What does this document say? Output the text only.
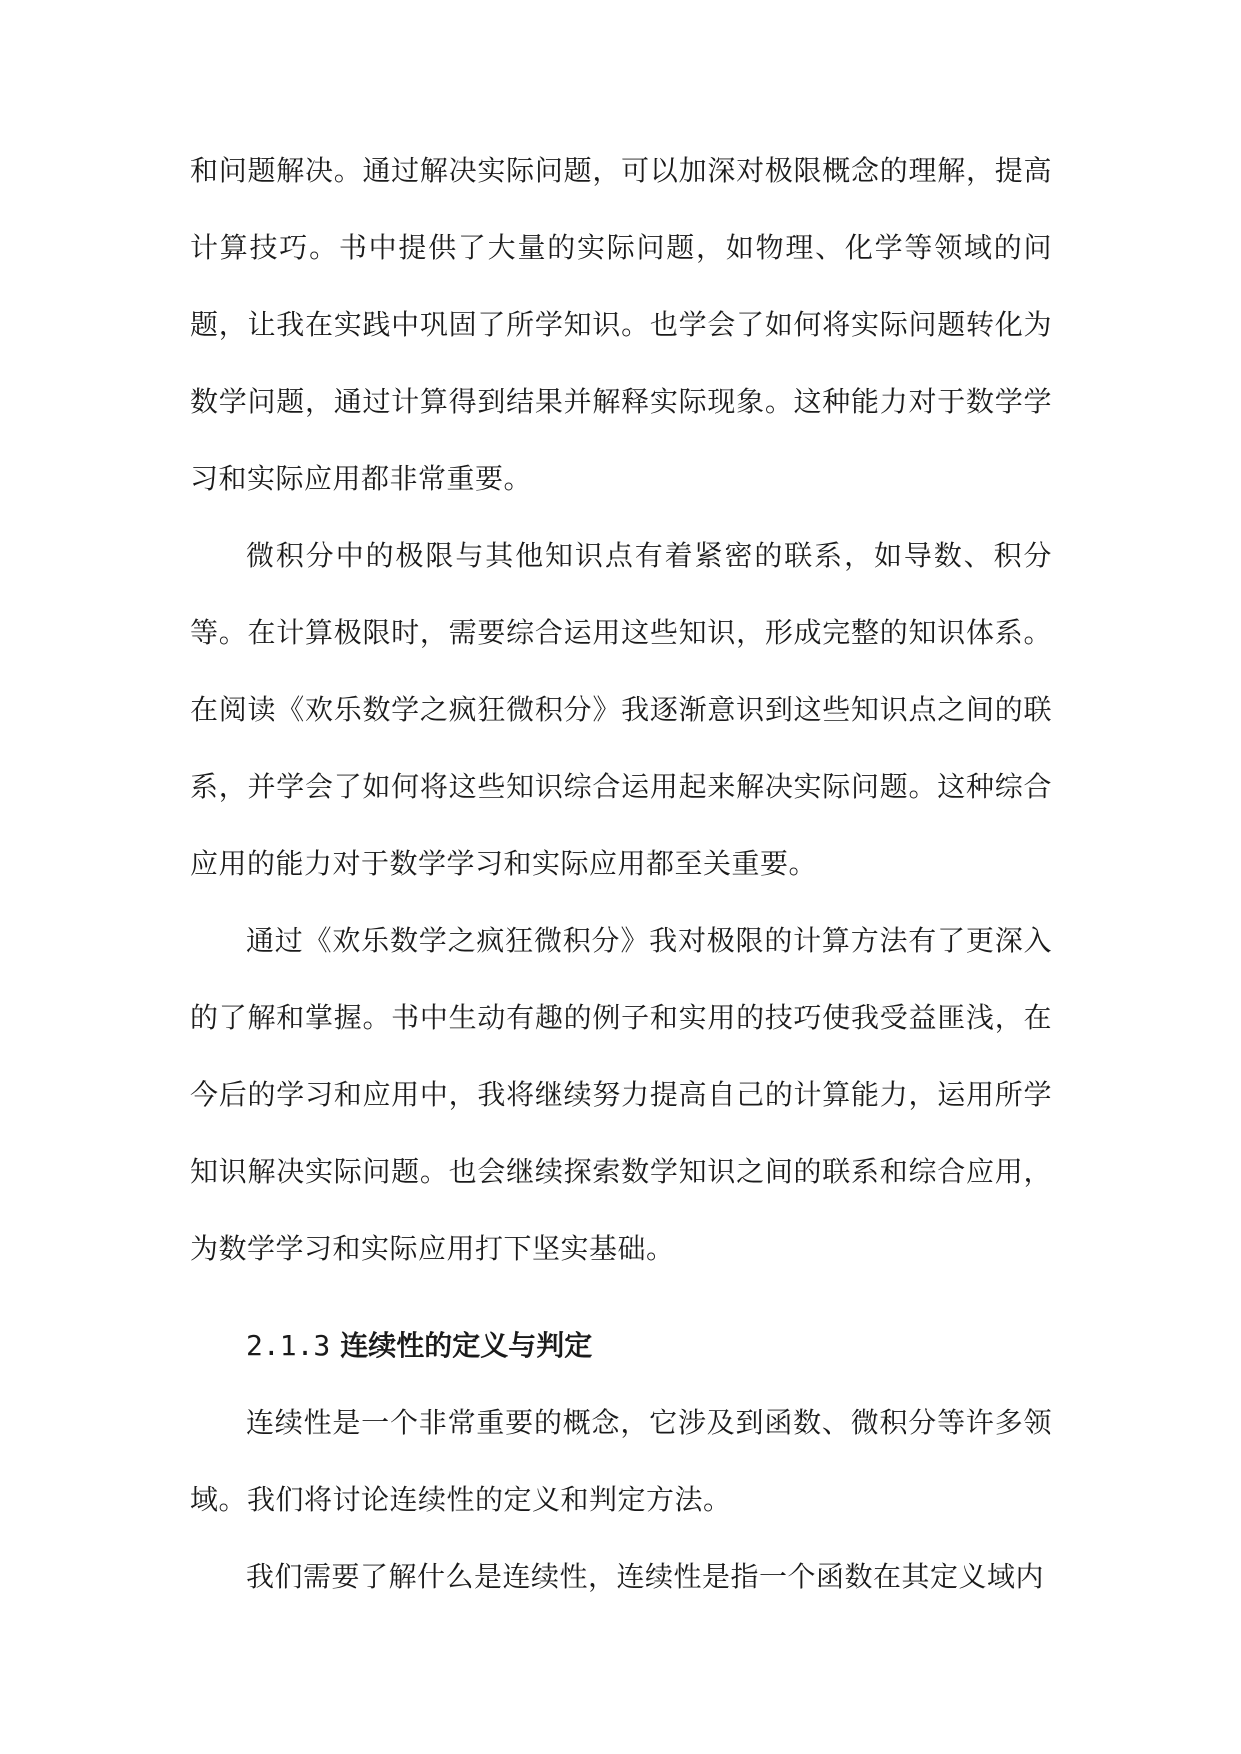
和问题解决。通过解决实际问题，可以加深对极限概念的理解，提高计算技巧。书中提供了大量的实际问题，如物理、化学等领域的问题，让我在实践中巩固了所学知识。也学会了如何将实际问题转化为数学问题，通过计算得到结果并解释实际现象。这种能力对于数学学习和实际应用都非常重要。

微积分中的极限与其他知识点有着紧密的联系，如导数、积分等。在计算极限时，需要综合运用这些知识，形成完整的知识体系。在阅读《欢乐数学之疯狂微积分》我逐渐意识到这些知识点之间的联系，并学会了如何将这些知识综合运用起来解决实际问题。这种综合应用的能力对于数学学习和实际应用都至关重要。

通过《欢乐数学之疯狂微积分》我对极限的计算方法有了更深入的了解和掌握。书中生动有趣的例子和实用的技巧使我受益匪浅，在今后的学习和应用中，我将继续努力提高自己的计算能力，运用所学知识解决实际问题。也会继续探索数学知识之间的联系和综合应用，为数学学习和实际应用打下坚实基础。

2.1.3 连续性的定义与判定

连续性是一个非常重要的概念，它涉及到函数、微积分等许多领域。我们将讨论连续性的定义和判定方法。

我们需要了解什么是连续性，连续性是指一个函数在其定义域内
